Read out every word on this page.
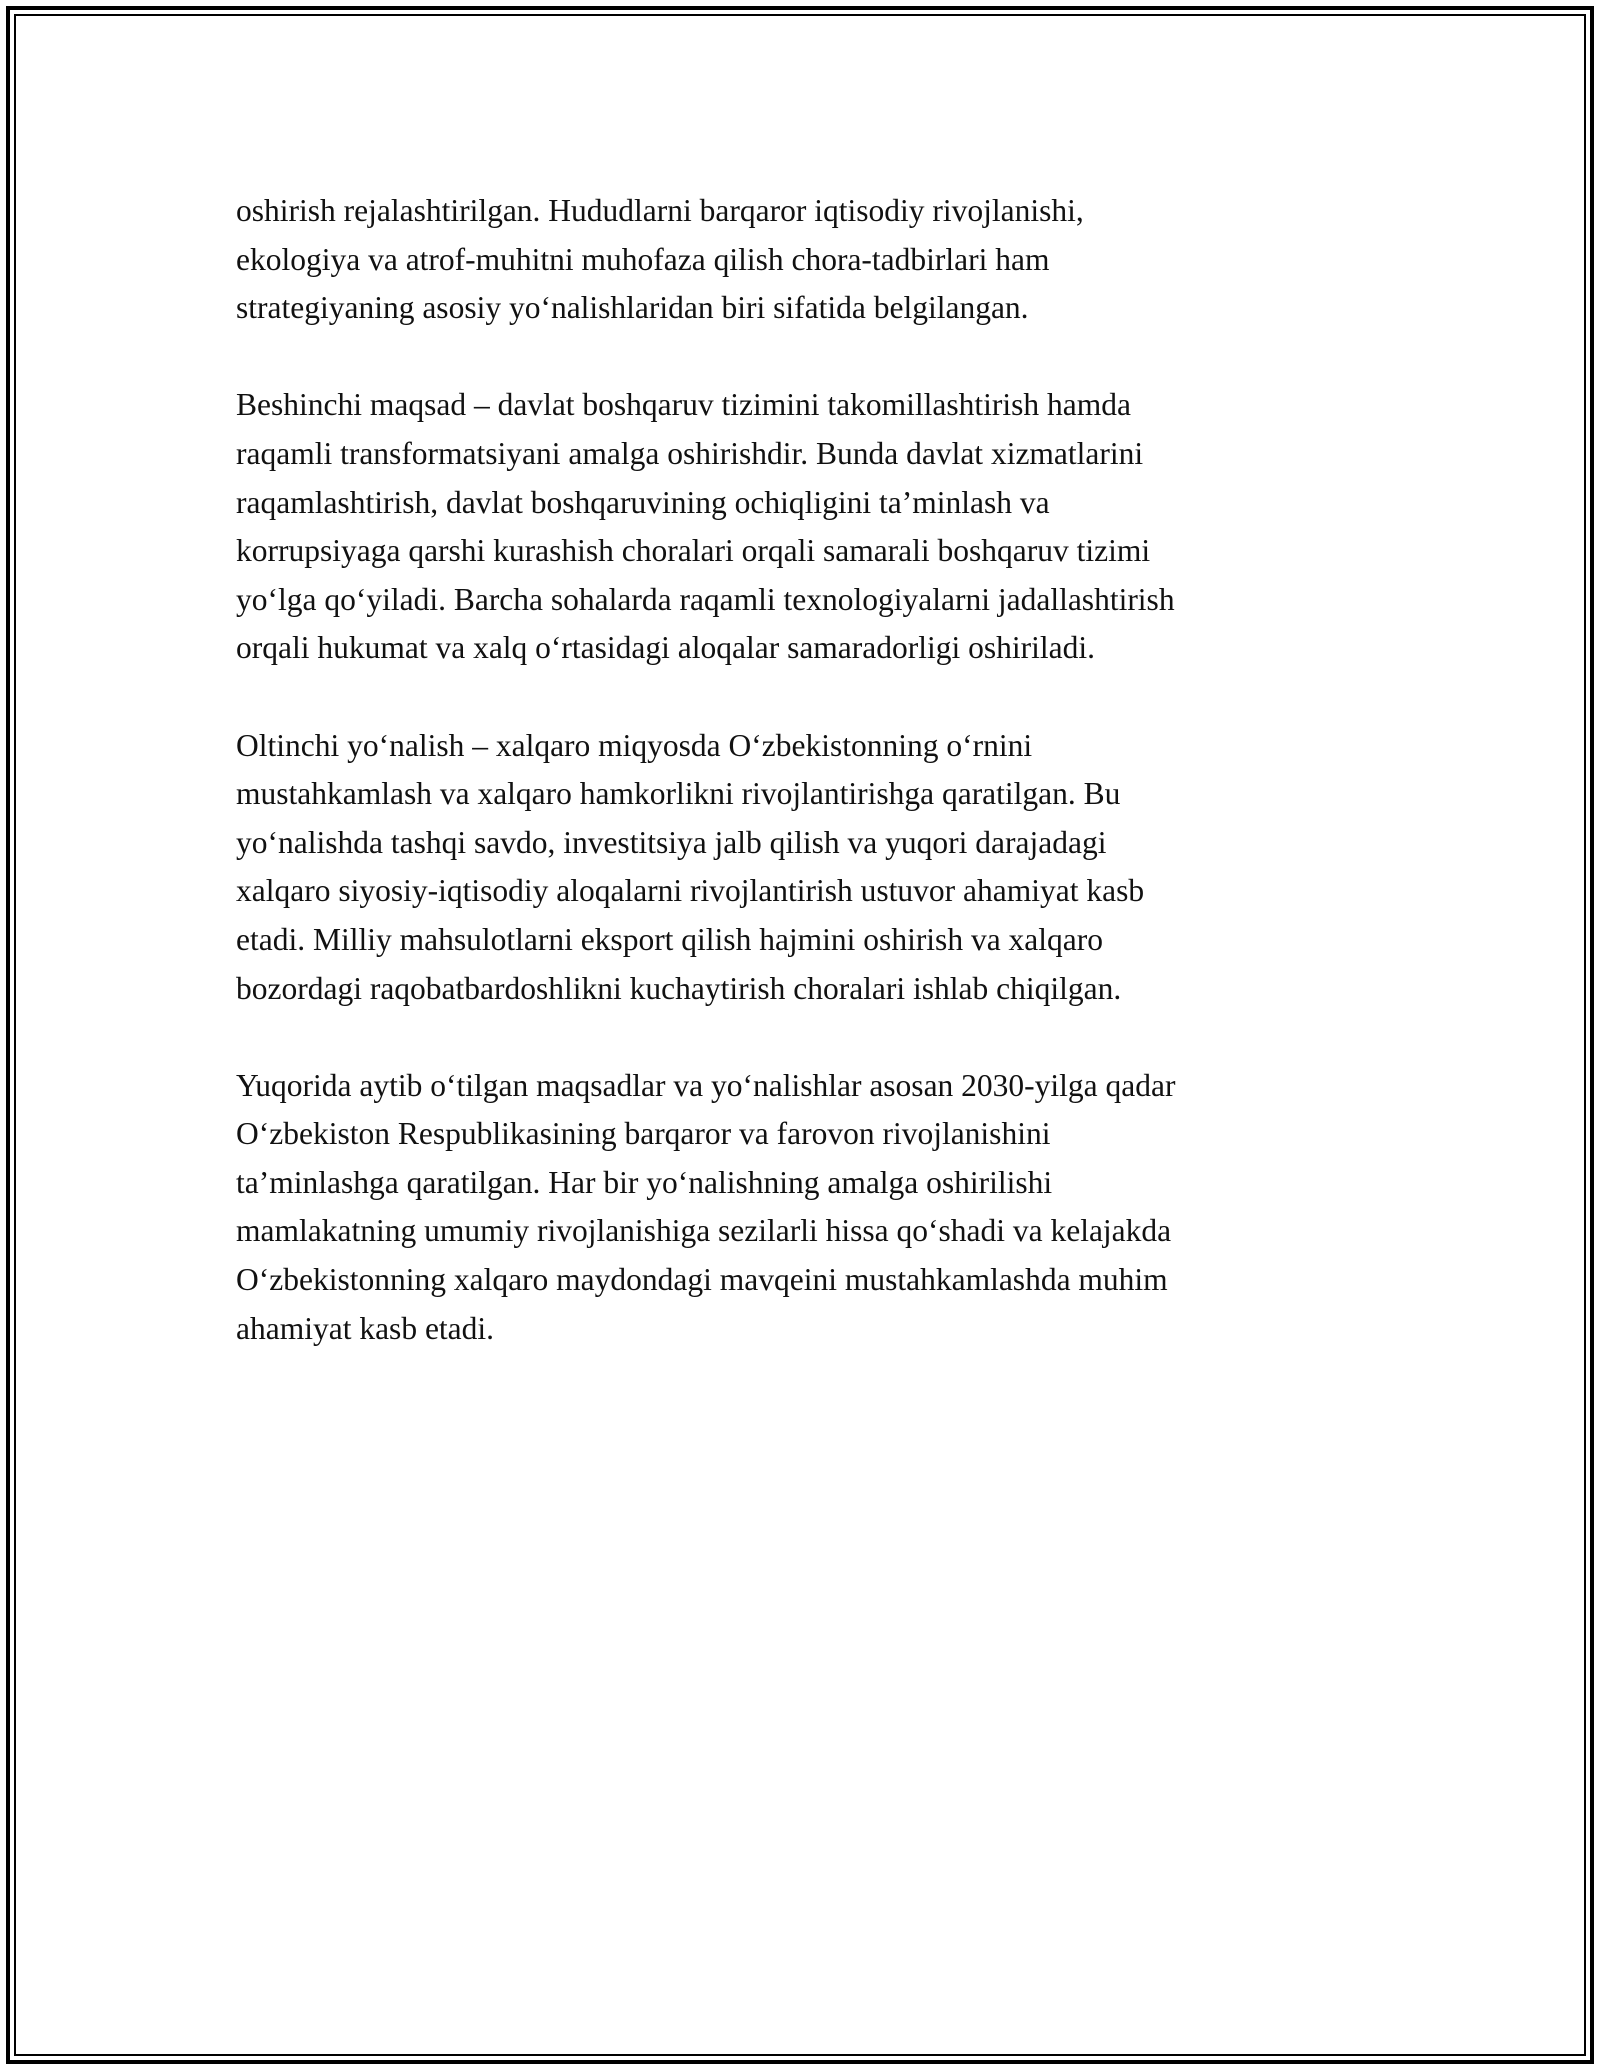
oshirish rejalashtirilgan. Hududlarni barqaror iqtisodiy rivojlanishi,
ekologiya va atrof-muhitni muhofaza qilish chora-tadbirlari ham
strategiyaning asosiy yo‘nalishlaridan biri sifatida belgilangan.

Beshinchi maqsad – davlat boshqaruv tizimini takomillashtirish hamda
raqamli transformatsiyani amalga oshirishdir. Bunda davlat xizmatlarini
raqamlashtirish, davlat boshqaruvining ochiqligini ta’minlash va
korrupsiyaga qarshi kurashish choralari orqali samarali boshqaruv tizimi
yo‘lga qo‘yiladi. Barcha sohalarda raqamli texnologiyalarni jadallashtirish
orqali hukumat va xalq o‘rtasidagi aloqalar samaradorligi oshiriladi.

Oltinchi yo‘nalish – xalqaro miqyosda O‘zbekistonning o‘rnini
mustahkamlash va xalqaro hamkorlikni rivojlantirishga qaratilgan. Bu
yo‘nalishda tashqi savdo, investitsiya jalb qilish va yuqori darajadagi
xalqaro siyosiy-iqtisodiy aloqalarni rivojlantirish ustuvor ahamiyat kasb
etadi. Milliy mahsulotlarni eksport qilish hajmini oshirish va xalqaro
bozordagi raqobatbardoshlikni kuchaytirish choralari ishlab chiqilgan.

Yuqorida aytib o‘tilgan maqsadlar va yo‘nalishlar asosan 2030-yilga qadar
O‘zbekiston Respublikasining barqaror va farovon rivojlanishini
ta’minlashga qaratilgan. Har bir yo‘nalishning amalga oshirilishi
mamlakatning umumiy rivojlanishiga sezilarli hissa qo‘shadi va kelajakda
O‘zbekistonning xalqaro maydondagi mavqeini mustahkamlashda muhim
ahamiyat kasb etadi.
